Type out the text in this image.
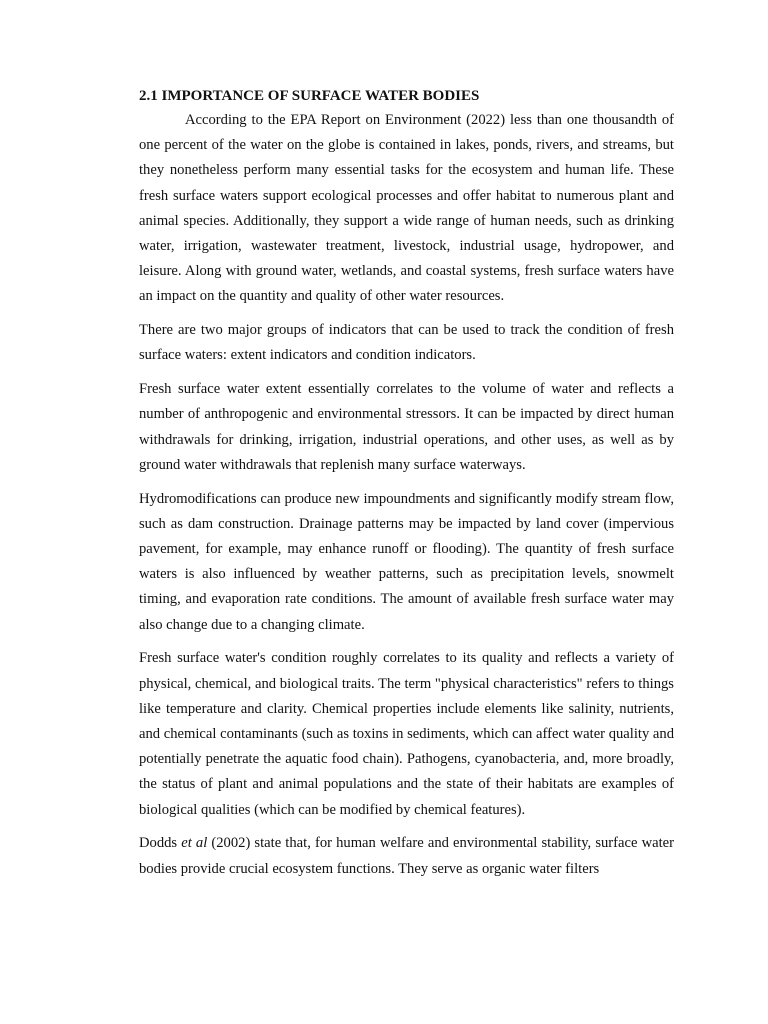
2.1 IMPORTANCE OF SURFACE WATER BODIES

According to the EPA Report on Environment (2022) less than one thousandth of one percent of the water on the globe is contained in lakes, ponds, rivers, and streams, but they nonetheless perform many essential tasks for the ecosystem and human life. These fresh surface waters support ecological processes and offer habitat to numerous plant and animal species. Additionally, they support a wide range of human needs, such as drinking water, irrigation, wastewater treatment, livestock, industrial usage, hydropower, and leisure. Along with ground water, wetlands, and coastal systems, fresh surface waters have an impact on the quantity and quality of other water resources.

There are two major groups of indicators that can be used to track the condition of fresh surface waters: extent indicators and condition indicators.

Fresh surface water extent essentially correlates to the volume of water and reflects a number of anthropogenic and environmental stressors. It can be impacted by direct human withdrawals for drinking, irrigation, industrial operations, and other uses, as well as by ground water withdrawals that replenish many surface waterways.

Hydromodifications can produce new impoundments and significantly modify stream flow, such as dam construction. Drainage patterns may be impacted by land cover (impervious pavement, for example, may enhance runoff or flooding). The quantity of fresh surface waters is also influenced by weather patterns, such as precipitation levels, snowmelt timing, and evaporation rate conditions. The amount of available fresh surface water may also change due to a changing climate.

Fresh surface water's condition roughly correlates to its quality and reflects a variety of physical, chemical, and biological traits. The term "physical characteristics" refers to things like temperature and clarity. Chemical properties include elements like salinity, nutrients, and chemical contaminants (such as toxins in sediments, which can affect water quality and potentially penetrate the aquatic food chain). Pathogens, cyanobacteria, and, more broadly, the status of plant and animal populations and the state of their habitats are examples of biological qualities (which can be modified by chemical features).

Dodds et al (2002) state that, for human welfare and environmental stability, surface water bodies provide crucial ecosystem functions. They serve as organic water filters
